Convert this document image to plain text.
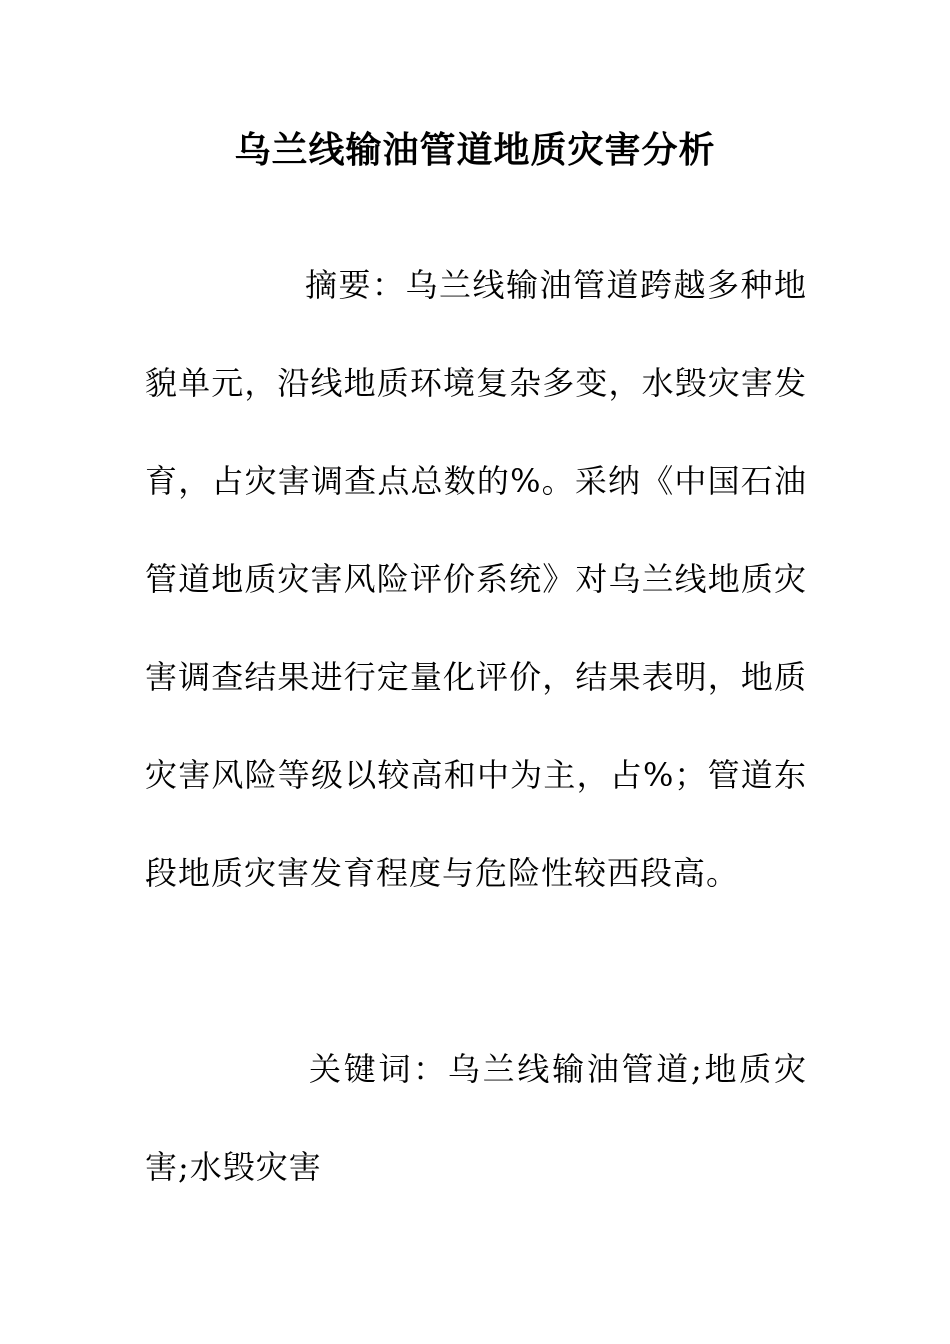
乌兰线输油管道地质灾害分析

摘要：乌兰线输油管道跨越多种地貌单元，沿线地质环境复杂多变，水毁灾害发育，占灾害调查点总数的%。采纳《中国石油管道地质灾害风险评价系统》对乌兰线地质灾害调查结果进行定量化评价，结果表明，地质灾害风险等级以较高和中为主，占%；管道东段地质灾害发育程度与危险性较西段高。

关键词：乌兰线输油管道;地质灾害;水毁灾害
